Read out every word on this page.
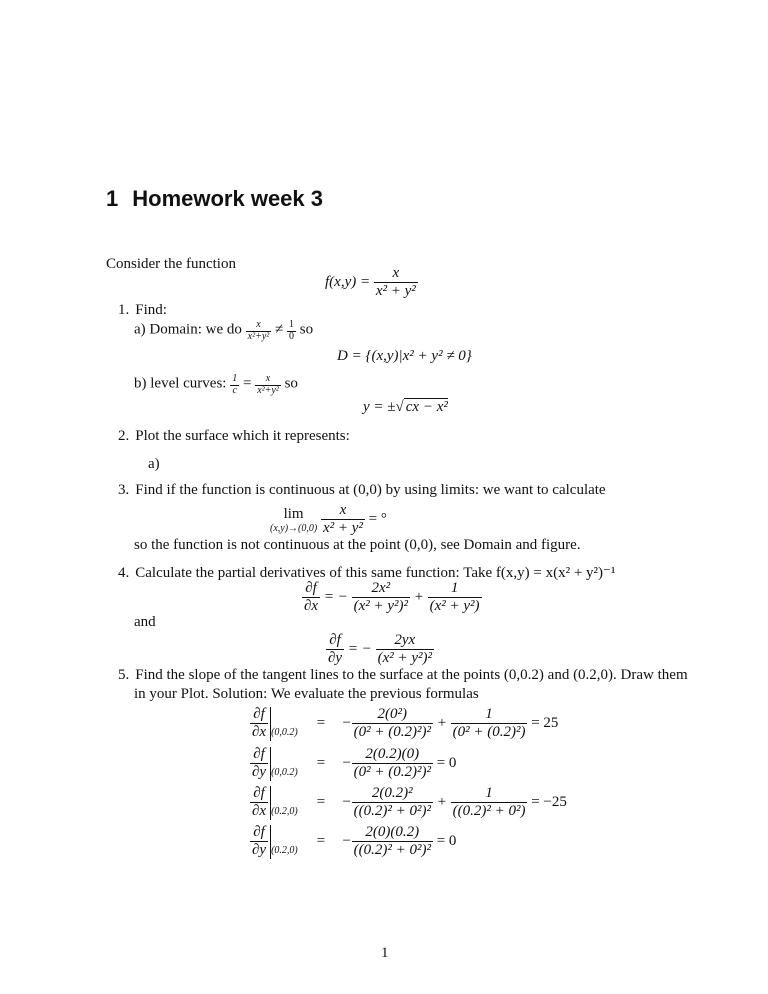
1 Homework week 3
Consider the function
$f(x,y) = \frac{x}{\text{x² + y²}}$
1. Find:
a) Domain: we do $\frac{x}{\text{x²+y²}} \ne \frac{1}{0}$ so
D = {(x,y)|x² + y² ≠ 0}
b) level curves: $\frac{1}{c} = \frac{x}{\text{x²+y²}}$ so
y = ±√ cx − x²
2. Plot the surface which it represents:
a)
3. Find if the function is continuous at (0,0) by using limits: we want to calculate
lim
(x,y)→(0,0)
$\frac{x}{\text{x² + y²}}$ = °
so the function is not continuous at the point (0,0), see Domain and figure.
4. Calculate the partial derivatives of this same function: Take f(x,y) = x(x² + y²)⁻¹
$\frac{\partial f}{\partial x}$ = − $\frac{\text{2x²}}{\text{(x² + y²)²}} + \frac{1}{\text{(x² + y²)}}$
and
$\frac{\partial f}{\partial y}$ = − $\frac{2yx}{\text{(x² + y²)²}}$
5. Find the slope of the tangent lines to the surface at the points (0,0.2) and (0.2,0). Draw them
in your Plot. Solution: We evaluate the previous formulas
$\frac{\partial f}{\partial x} _{(0,0.2)}= - \frac{\text{2(0²)}}{\text{(0² + (0.2)²)²}} + \frac{1}{\text{(0² + (0.2)²)}} = 25$
$\frac{\partial f}{\partial y} _{(0,0.2)}= - \frac{2(0.2)(0)}{\text{(0² + (0.2)²)²}} = 0$
$\frac{\partial f}{\partial x} _{(0.2,0)}= - \frac{\text{2(0.2)²}}{\text{((0.2)² + 0²)²}} + \frac{1}{\text{((0.2)² + 0²)}} = -25$
$\frac{\partial f}{\partial y} _{(0.2,0)}= - \frac{2(0)(0.2)}{\text{((0.2)² + 0²)²}} = 0$
1
